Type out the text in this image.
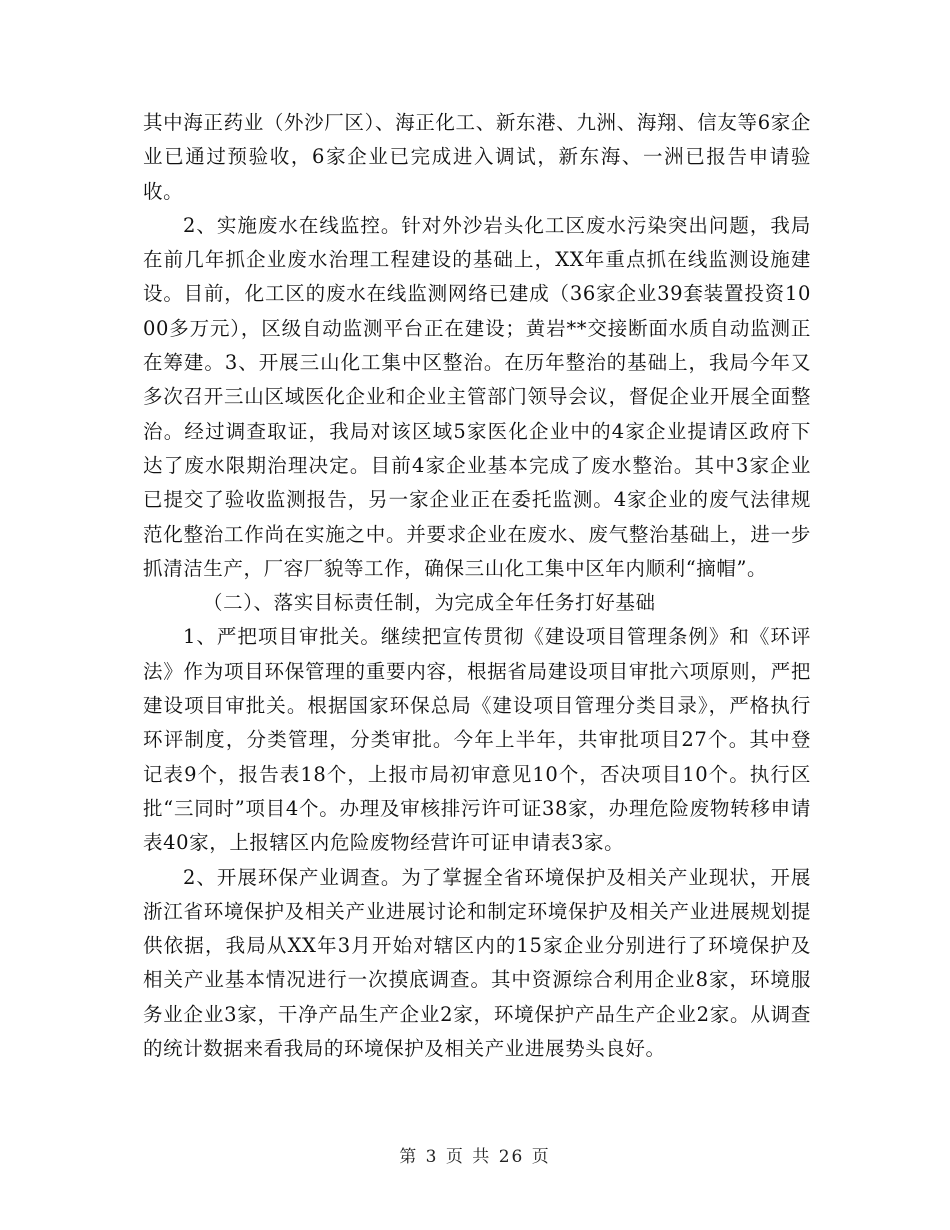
其中海正药业（外沙厂区）、海正化工、新东港、九洲、海翔、信友等6家企业已通过预验收，6家企业已完成进入调试，新东海、一洲已报告申请验收。

2、实施废水在线监控。针对外沙岩头化工区废水污染突出问题，我局在前几年抓企业废水治理工程建设的基础上，XX年重点抓在线监测设施建设。目前，化工区的废水在线监测网络已建成（36家企业39套装置投资1000多万元），区级自动监测平台正在建设；黄岩**交接断面水质自动监测正在筹建。3、开展三山化工集中区整治。在历年整治的基础上，我局今年又多次召开三山区域医化企业和企业主管部门领导会议，督促企业开展全面整治。经过调查取证，我局对该区域5家医化企业中的4家企业提请区政府下达了废水限期治理决定。目前4家企业基本完成了废水整治。其中3家企业已提交了验收监测报告，另一家企业正在委托监测。4家企业的废气法律规范化整治工作尚在实施之中。并要求企业在废水、废气整治基础上，进一步抓清洁生产，厂容厂貌等工作，确保三山化工集中区年内顺利“摘帽”。

（二）、落实目标责任制，为完成全年任务打好基础

1、严把项目审批关。继续把宣传贯彻《建设项目管理条例》和《环评法》作为项目环保管理的重要内容，根据省局建设项目审批六项原则，严把建设项目审批关。根据国家环保总局《建设项目管理分类目录》，严格执行环评制度，分类管理，分类审批。今年上半年，共审批项目27个。其中登记表9个，报告表18个，上报市局初审意见10个，否决项目10个。执行区批“三同时”项目4个。办理及审核排污许可证38家，办理危险废物转移申请表40家，上报辖区内危险废物经营许可证申请表3家。

2、开展环保产业调查。为了掌握全省环境保护及相关产业现状，开展浙江省环境保护及相关产业进展讨论和制定环境保护及相关产业进展规划提供依据，我局从XX年3月开始对辖区内的15家企业分别进行了环境保护及相关产业基本情况进行一次摸底调查。其中资源综合利用企业8家，环境服务业企业3家，干净产品生产企业2家，环境保护产品生产企业2家。从调查的统计数据来看我局的环境保护及相关产业进展势头良好。

第 3 页 共 26 页
